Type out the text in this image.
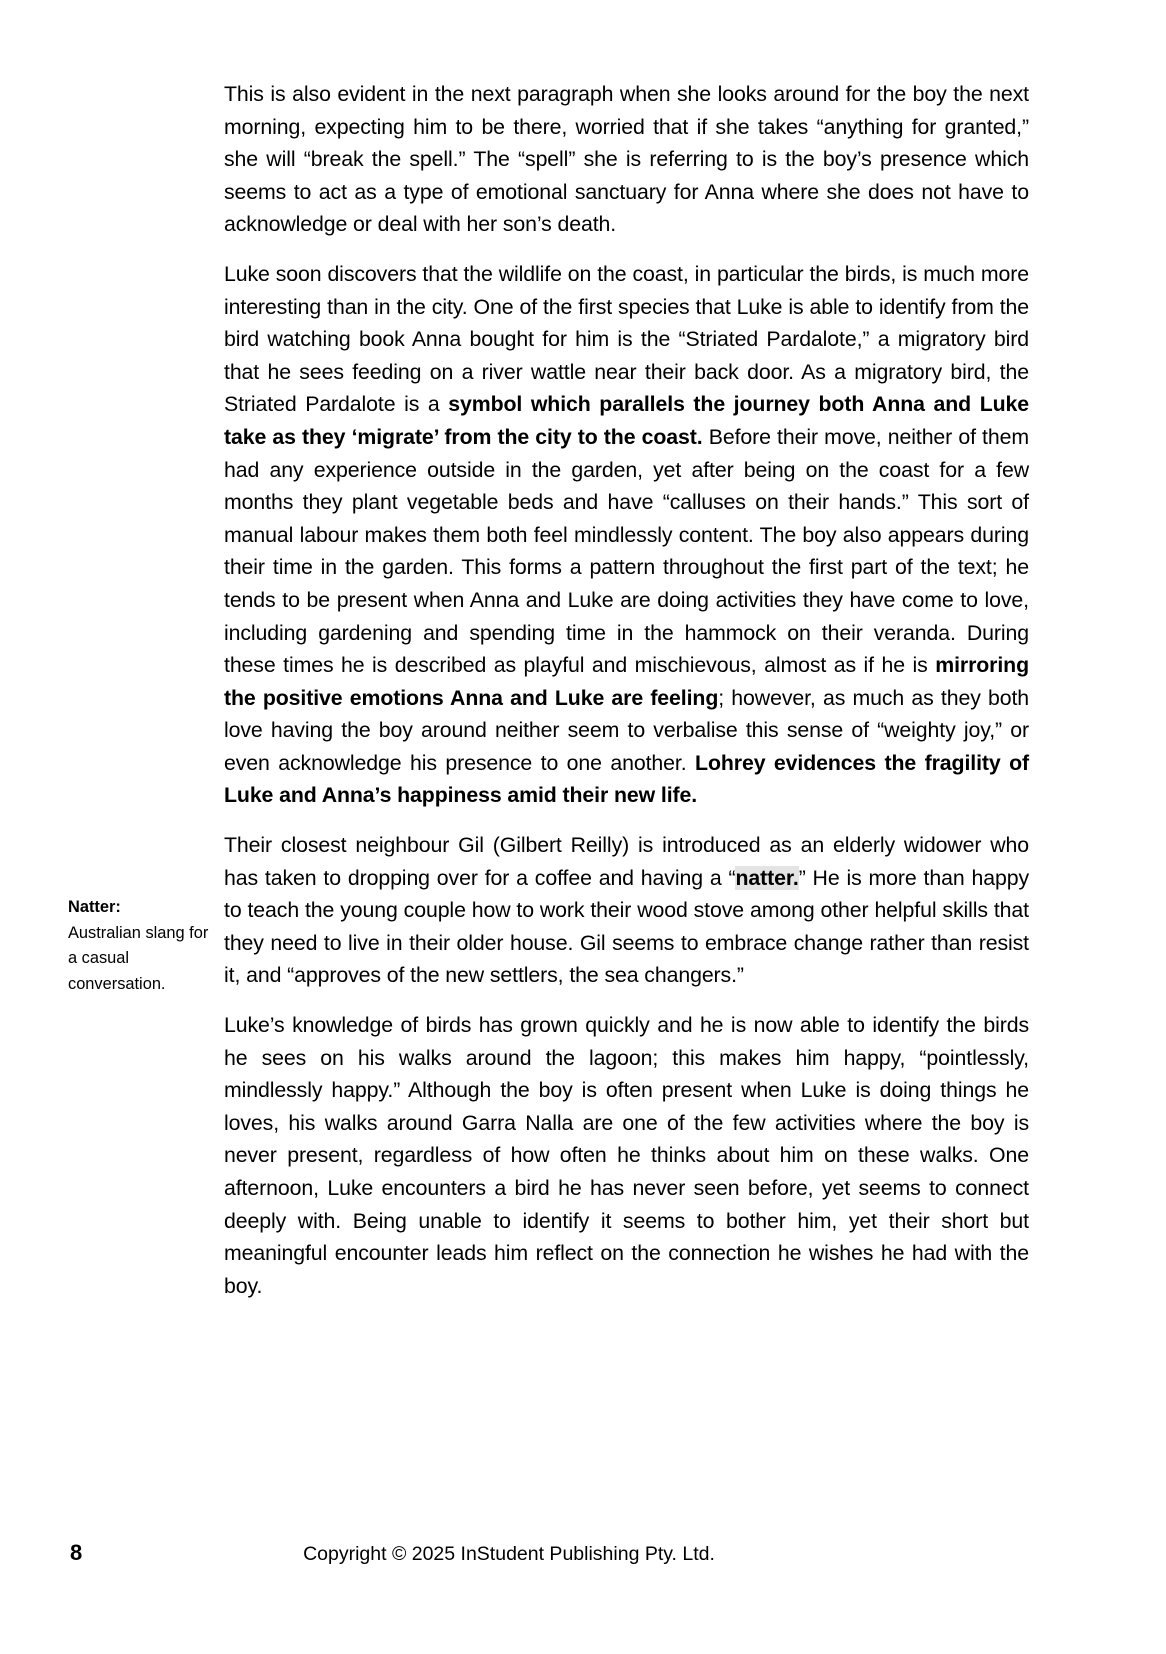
This is also evident in the next paragraph when she looks around for the boy the next morning, expecting him to be there, worried that if she takes “anything for granted,” she will “break the spell.” The “spell” she is referring to is the boy’s presence which seems to act as a type of emotional sanctuary for Anna where she does not have to acknowledge or deal with her son’s death.

Luke soon discovers that the wildlife on the coast, in particular the birds, is much more interesting than in the city. One of the first species that Luke is able to identify from the bird watching book Anna bought for him is the “Striated Pardalote,” a migratory bird that he sees feeding on a river wattle near their back door. As a migratory bird, the Striated Pardalote is a symbol which parallels the journey both Anna and Luke take as they ‘migrate’ from the city to the coast. Before their move, neither of them had any experience outside in the garden, yet after being on the coast for a few months they plant vegetable beds and have “calluses on their hands.” This sort of manual labour makes them both feel mindlessly content. The boy also appears during their time in the garden. This forms a pattern throughout the first part of the text; he tends to be present when Anna and Luke are doing activities they have come to love, including gardening and spending time in the hammock on their veranda. During these times he is described as playful and mischievous, almost as if he is mirroring the positive emotions Anna and Luke are feeling; however, as much as they both love having the boy around neither seem to verbalise this sense of “weighty joy,” or even acknowledge his presence to one another. Lohrey evidences the fragility of Luke and Anna’s happiness amid their new life.

Their closest neighbour Gil (Gilbert Reilly) is introduced as an elderly widower who has taken to dropping over for a coffee and having a “natter.” He is more than happy to teach the young couple how to work their wood stove among other helpful skills that they need to live in their older house. Gil seems to embrace change rather than resist it, and “approves of the new settlers, the sea changers.”

Luke’s knowledge of birds has grown quickly and he is now able to identify the birds he sees on his walks around the lagoon; this makes him happy, “pointlessly, mindlessly happy.” Although the boy is often present when Luke is doing things he loves, his walks around Garra Nalla are one of the few activities where the boy is never present, regardless of how often he thinks about him on these walks. One afternoon, Luke encounters a bird he has never seen before, yet seems to connect deeply with. Being unable to identify it seems to bother him, yet their short but meaningful encounter leads him reflect on the connection he wishes he had with the boy.

Natter:
Australian slang for a casual conversation.
8	Copyright © 2025 InStudent Publishing Pty. Ltd.
